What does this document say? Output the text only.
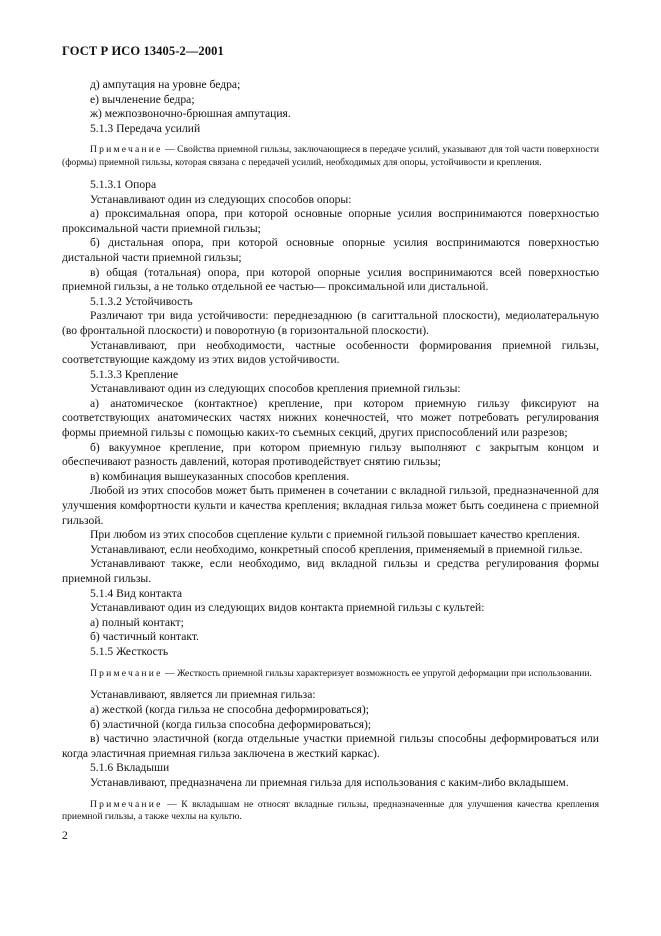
ГОСТ Р ИСО 13405-2—2001
д) ампутация на уровне бедра;
е) вычленение бедра;
ж) межпозвоночно-брюшная ампутация.
5.1.3 Передача усилий
Примечание — Свойства приемной гильзы, заключающиеся в передаче усилий, указывают для той части поверхности (формы) приемной гильзы, которая связана с передачей усилий, необходимых для опоры, устойчивости и крепления.
5.1.3.1 Опора
Устанавливают один из следующих способов опоры:
а) проксимальная опора, при которой основные опорные усилия воспринимаются поверхностью проксимальной части приемной гильзы;
б) дистальная опора, при которой основные опорные усилия воспринимаются поверхностью дистальной части приемной гильзы;
в) общая (тотальная) опора, при которой опорные усилия воспринимаются всей поверхностью приемной гильзы, а не только отдельной ее частью— проксимальной или дистальной.
5.1.3.2 Устойчивость
Различают три вида устойчивости: переднезаднюю (в сагиттальной плоскости), медиолатеральную (во фронтальной плоскости) и поворотную (в горизонтальной плоскости).
Устанавливают, при необходимости, частные особенности формирования приемной гильзы, соответствующие каждому из этих видов устойчивости.
5.1.3.3 Крепление
Устанавливают один из следующих способов крепления приемной гильзы:
а) анатомическое (контактное) крепление, при котором приемную гильзу фиксируют на соответствующих анатомических частях нижних конечностей, что может потребовать регулирования формы приемной гильзы с помощью каких-то съемных секций, других приспособлений или разрезов;
б) вакуумное крепление, при котором приемную гильзу выполняют с закрытым концом и обеспечивают разность давлений, которая противодействует снятию гильзы;
в) комбинация вышеуказанных способов крепления.
Любой из этих способов может быть применен в сочетании с вкладной гильзой, предназначенной для улучшения комфортности культи и качества крепления; вкладная гильза может быть соединена с приемной гильзой.
При любом из этих способов сцепление культи с приемной гильзой повышает качество крепления.
Устанавливают, если необходимо, конкретный способ крепления, применяемый в приемной гильзе.
Устанавливают также, если необходимо, вид вкладной гильзы и средства регулирования формы приемной гильзы.
5.1.4 Вид контакта
Устанавливают один из следующих видов контакта приемной гильзы с культей:
а) полный контакт;
б) частичный контакт.
5.1.5 Жесткость
Примечание — Жесткость приемной гильзы характеризует возможность ее упругой деформации при использовании.
Устанавливают, является ли приемная гильза:
а) жесткой (когда гильза не способна деформироваться);
б) эластичной (когда гильза способна деформироваться);
в) частично эластичной (когда отдельные участки приемной гильзы способны деформироваться или когда эластичная приемная гильза заключена в жесткий каркас).
5.1.6 Вкладыши
Устанавливают, предназначена ли приемная гильза для использования с каким-либо вкладышем.
Примечание — К вкладышам не относят вкладные гильзы, предназначенные для улучшения качества крепления приемной гильзы, а также чехлы на культю.
2
